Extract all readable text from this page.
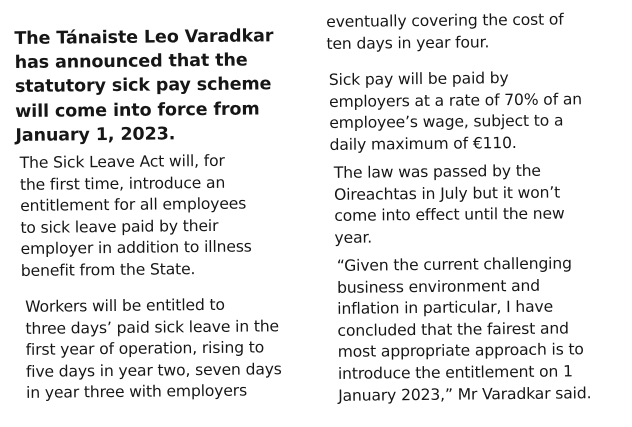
The Tánaiste Leo Varadkar
has announced that the
statutory sick pay scheme
will come into force from
January 1, 2023.
The Sick Leave Act will, for
the first time, introduce an
entitlement for all employees
to sick leave paid by their
employer in addition to illness
benefit from the State.
Workers will be entitled to
three days’ paid sick leave in the
first year of operation, rising to
five days in year two, seven days
in year three with employers
eventually covering the cost of
ten days in year four.
Sick pay will be paid by
employers at a rate of 70% of an
employee’s wage, subject to a
daily maximum of €110.
The law was passed by the
Oireachtas in July but it won’t
come into effect until the new
year.
“Given the current challenging
business environment and
inflation in particular, I have
concluded that the fairest and
most appropriate approach is to
introduce the entitlement on 1
January 2023,” Mr Varadkar said.
